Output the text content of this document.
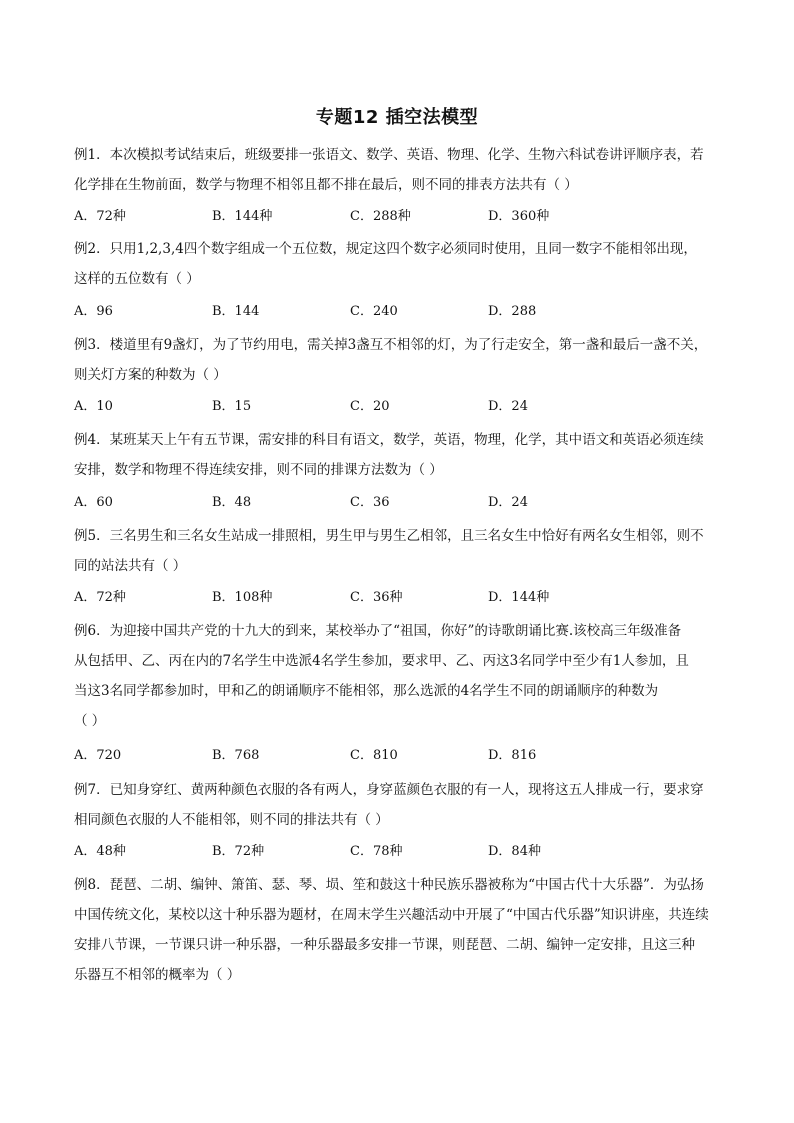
专题12 插空法模型
例1．本次模拟考试结束后，班级要排一张语文、数学、英语、物理、化学、生物六科试卷讲评顺序表，若
化学排在生物前面，数学与物理不相邻且都不排在最后，则不同的排表方法共有（ ）
A．72种	B．144种	C．288种	D．360种
例2．只用1,2,3,4四个数字组成一个五位数，规定这四个数字必须同时使用，且同一数字不能相邻出现，
这样的五位数有（ ）
A．96	B．144	C．240	D．288
例3．楼道里有9盏灯，为了节约用电，需关掉3盏互不相邻的灯，为了行走安全，第一盏和最后一盏不关，
则关灯方案的种数为（ ）
A．10	B．15	C．20	D．24
例4．某班某天上午有五节课，需安排的科目有语文，数学，英语，物理，化学，其中语文和英语必须连续
安排，数学和物理不得连续安排，则不同的排课方法数为（ ）
A．60	B．48	C．36	D．24
例5．三名男生和三名女生站成一排照相，男生甲与男生乙相邻，且三名女生中恰好有两名女生相邻，则不
同的站法共有（ ）
A．72种	B．108种	C．36种	D．144种
例6．为迎接中国共产党的十九大的到来，某校举办了“祖国，你好”的诗歌朗诵比赛.该校高三年级准备
从包括甲、乙、丙在内的7名学生中选派4名学生参加，要求甲、乙、丙这3名同学中至少有1人参加，且
当这3名同学都参加时，甲和乙的朗诵顺序不能相邻，那么选派的4名学生不同的朗诵顺序的种数为
（ ）
A．720	B．768	C．810	D．816
例7．已知身穿红、黄两种颜色衣服的各有两人，身穿蓝颜色衣服的有一人，现将这五人排成一行，要求穿
相同颜色衣服的人不能相邻，则不同的排法共有（ ）
A．48种	B．72种	C．78种	D．84种
例8．琵琶、二胡、编钟、箫笛、瑟、琴、埙、笙和鼓这十种民族乐器被称为“中国古代十大乐器”．为弘扬
中国传统文化，某校以这十种乐器为题材，在周末学生兴趣活动中开展了“中国古代乐器”知识讲座，共连续
安排八节课，一节课只讲一种乐器，一种乐器最多安排一节课，则琵琶、二胡、编钟一定安排，且这三种
乐器互不相邻的概率为（ ）
